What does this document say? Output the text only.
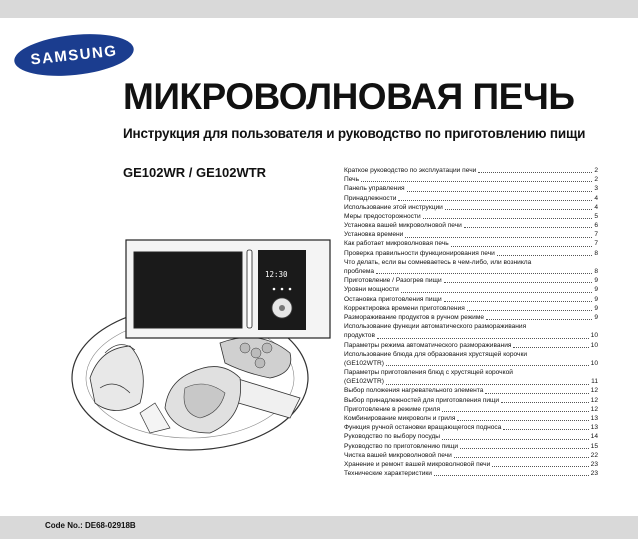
SAMSUNG
МИКРОВОЛНОВАЯ ПЕЧЬ
Инструкция для пользователя и руководство по приготовлению пищи
GE102WR / GE102WTR
12:30
Краткое руководство по эксплуатации печи	2
Печь	2
Панель управления	3
Принадлежности	4
Использование этой инструкции	4
Меры предосторожности	5
Установка вашей микроволновой печи	6
Установка времени	7
Как работает микроволновая печь	7
Проверка правильности функционирования печи	8
Что делать, если вы сомневаетесь в чем-либо, или возникла
проблема	8
Приготовление / Разогрев пищи	9
Уровни мощности	9
Остановка приготовления пищи	9
Корректировка времени приготовления	9
Размораживание продуктов в ручном режиме	9
Использование функции автоматического размораживания
продуктов	10
Параметры режима автоматического размораживания	10
Использование блюда для образования хрустящей корочки
(GE102WTR)	10
Параметры приготовления блюд с хрустящей корочкой
(GE102WTR)	11
Выбор положения нагревательного элемента	12
Выбор принадлежностей для приготовления пищи	12
Приготовление в режиме гриля	12
Комбинирование микроволн и гриля	13
Функция ручной остановки вращающегося подноса	13
Руководство по выбору посуды	14
Руководство по приготовлению пищи	15
Чистка вашей микроволновой печи	22
Хранение и ремонт вашей микроволновой печи	23
Технические характеристики	23
Code No.: DE68-02918B
